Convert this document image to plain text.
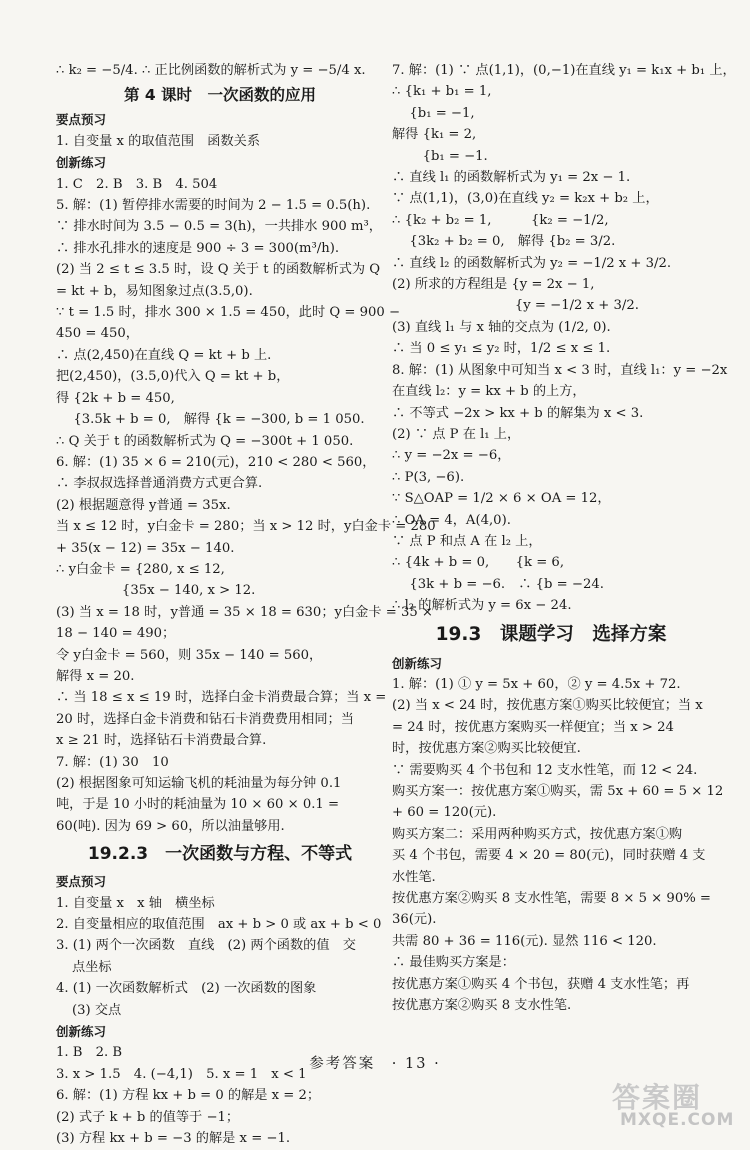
∴ k₂ = −5/4. ∴ 正比例函数的解析式为 y = −5/4 x.
第 4 课时　一次函数的应用
要点预习
1. 自变量 x 的取值范围　函数关系
创新练习
1. C　2. B　3. B　4. 504
5. 解：(1) 暂停排水需要的时间为 2 − 1.5 = 0.5(h).
∵ 排水时间为 3.5 − 0.5 = 3(h)，一共排水 900 m³，
∴ 排水孔排水的速度是 900 ÷ 3 = 300(m³/h).
(2) 当 2 ≤ t ≤ 3.5 时，设 Q 关于 t 的函数解析式为 Q
= kt + b，易知图象过点(3.5,0).
∵ t = 1.5 时，排水 300 × 1.5 = 450，此时 Q = 900 −
450 = 450，
∴ 点(2,450)在直线 Q = kt + b 上.
把(2,450)，(3.5,0)代入 Q = kt + b，
得 {2k + b = 450,
　 {3.5k + b = 0,　解得 {k = −300, b = 1 050.
∴ Q 关于 t 的函数解析式为 Q = −300t + 1 050.
6. 解：(1) 35 × 6 = 210(元)，210 < 280 < 560，
∴ 李叔叔选择普通消费方式更合算.
(2) 根据题意得 y普通 = 35x.
当 x ≤ 12 时，y白金卡 = 280；当 x > 12 时，y白金卡 = 280
+ 35(x − 12) = 35x − 140.
∴ y白金卡 = {280, x ≤ 12,
　　　　　{35x − 140, x > 12.
(3) 当 x = 18 时，y普通 = 35 × 18 = 630；y白金卡 = 35 ×
18 − 140 = 490；
令 y白金卡 = 560，则 35x − 140 = 560，
解得 x = 20.
∴ 当 18 ≤ x ≤ 19 时，选择白金卡消费最合算；当 x =
20 时，选择白金卡消费和钻石卡消费费用相同；当
x ≥ 21 时，选择钻石卡消费最合算.
7. 解：(1) 30　10
(2) 根据图象可知运输飞机的耗油量为每分钟 0.1
吨，于是 10 小时的耗油量为 10 × 60 × 0.1 =
60(吨). 因为 69 > 60，所以油量够用.
19.2.3　一次函数与方程、不等式
要点预习
1. 自变量 x　x 轴　横坐标
2. 自变量相应的取值范围　ax + b > 0 或 ax + b < 0
3. (1) 两个一次函数　直线　(2) 两个函数的值　交
点坐标
4. (1) 一次函数解析式　(2) 一次函数的图象
(3) 交点
创新练习
1. B　2. B
3. x > 1.5　4. (−4,1)　5. x = 1　x < 1
6. 解：(1) 方程 kx + b = 0 的解是 x = 2；
(2) 式子 k + b 的值等于 −1；
(3) 方程 kx + b = −3 的解是 x = −1.
7. 解：(1) ∵ 点(1,1)，(0,−1)在直线 y₁ = k₁x + b₁ 上，
∴ {k₁ + b₁ = 1,
　 {b₁ = −1,
解得 {k₁ = 2,
　　 {b₁ = −1.
∴ 直线 l₁ 的函数解析式为 y₁ = 2x − 1.
∵ 点(1,1)，(3,0)在直线 y₂ = k₂x + b₂ 上，
∴ {k₂ + b₂ = 1,　　　{k₂ = −1/2,
　 {3k₂ + b₂ = 0,　解得 {b₂ = 3/2.
∴ 直线 l₂ 的函数解析式为 y₂ = −1/2 x + 3/2.
(2) 所求的方程组是 {y = 2x − 1,
　　　　　　　　　 {y = −1/2 x + 3/2.
(3) 直线 l₁ 与 x 轴的交点为 (1/2, 0).
∴ 当 0 ≤ y₁ ≤ y₂ 时，1/2 ≤ x ≤ 1.
8. 解：(1) 从图象中可知当 x < 3 时，直线 l₁：y = −2x
在直线 l₂：y = kx + b 的上方，
∴ 不等式 −2x > kx + b 的解集为 x < 3.
(2) ∵ 点 P 在 l₁ 上，
∴ y = −2x = −6，
∴ P(3, −6).
∵ S△OAP = 1/2 × 6 × OA = 12，
∴ OA = 4，A(4,0).
∵ 点 P 和点 A 在 l₂ 上，
∴ {4k + b = 0,　　{k = 6,
　 {3k + b = −6.　∴ {b = −24.
∴ l₂ 的解析式为 y = 6x − 24.
19.3　课题学习　选择方案
创新练习
1. 解：(1) ① y = 5x + 60，② y = 4.5x + 72.
(2) 当 x < 24 时，按优惠方案①购买比较便宜；当 x
= 24 时，按优惠方案购买一样便宜；当 x > 24
时，按优惠方案②购买比较便宜.
∵ 需要购买 4 个书包和 12 支水性笔，而 12 < 24.
购买方案一：按优惠方案①购买，需 5x + 60 = 5 × 12
+ 60 = 120(元).
购买方案二：采用两种购买方式，按优惠方案①购
买 4 个书包，需要 4 × 20 = 80(元)，同时获赠 4 支
水性笔.
按优惠方案②购买 8 支水性笔，需要 8 × 5 × 90% =
36(元).
共需 80 + 36 = 116(元). 显然 116 < 120.
∴ 最佳购买方案是：
按优惠方案①购买 4 个书包，获赠 4 支水性笔；再
按优惠方案②购买 8 支水性笔.
参考答案　· 13 ·
答案圈
MXQE.COM
